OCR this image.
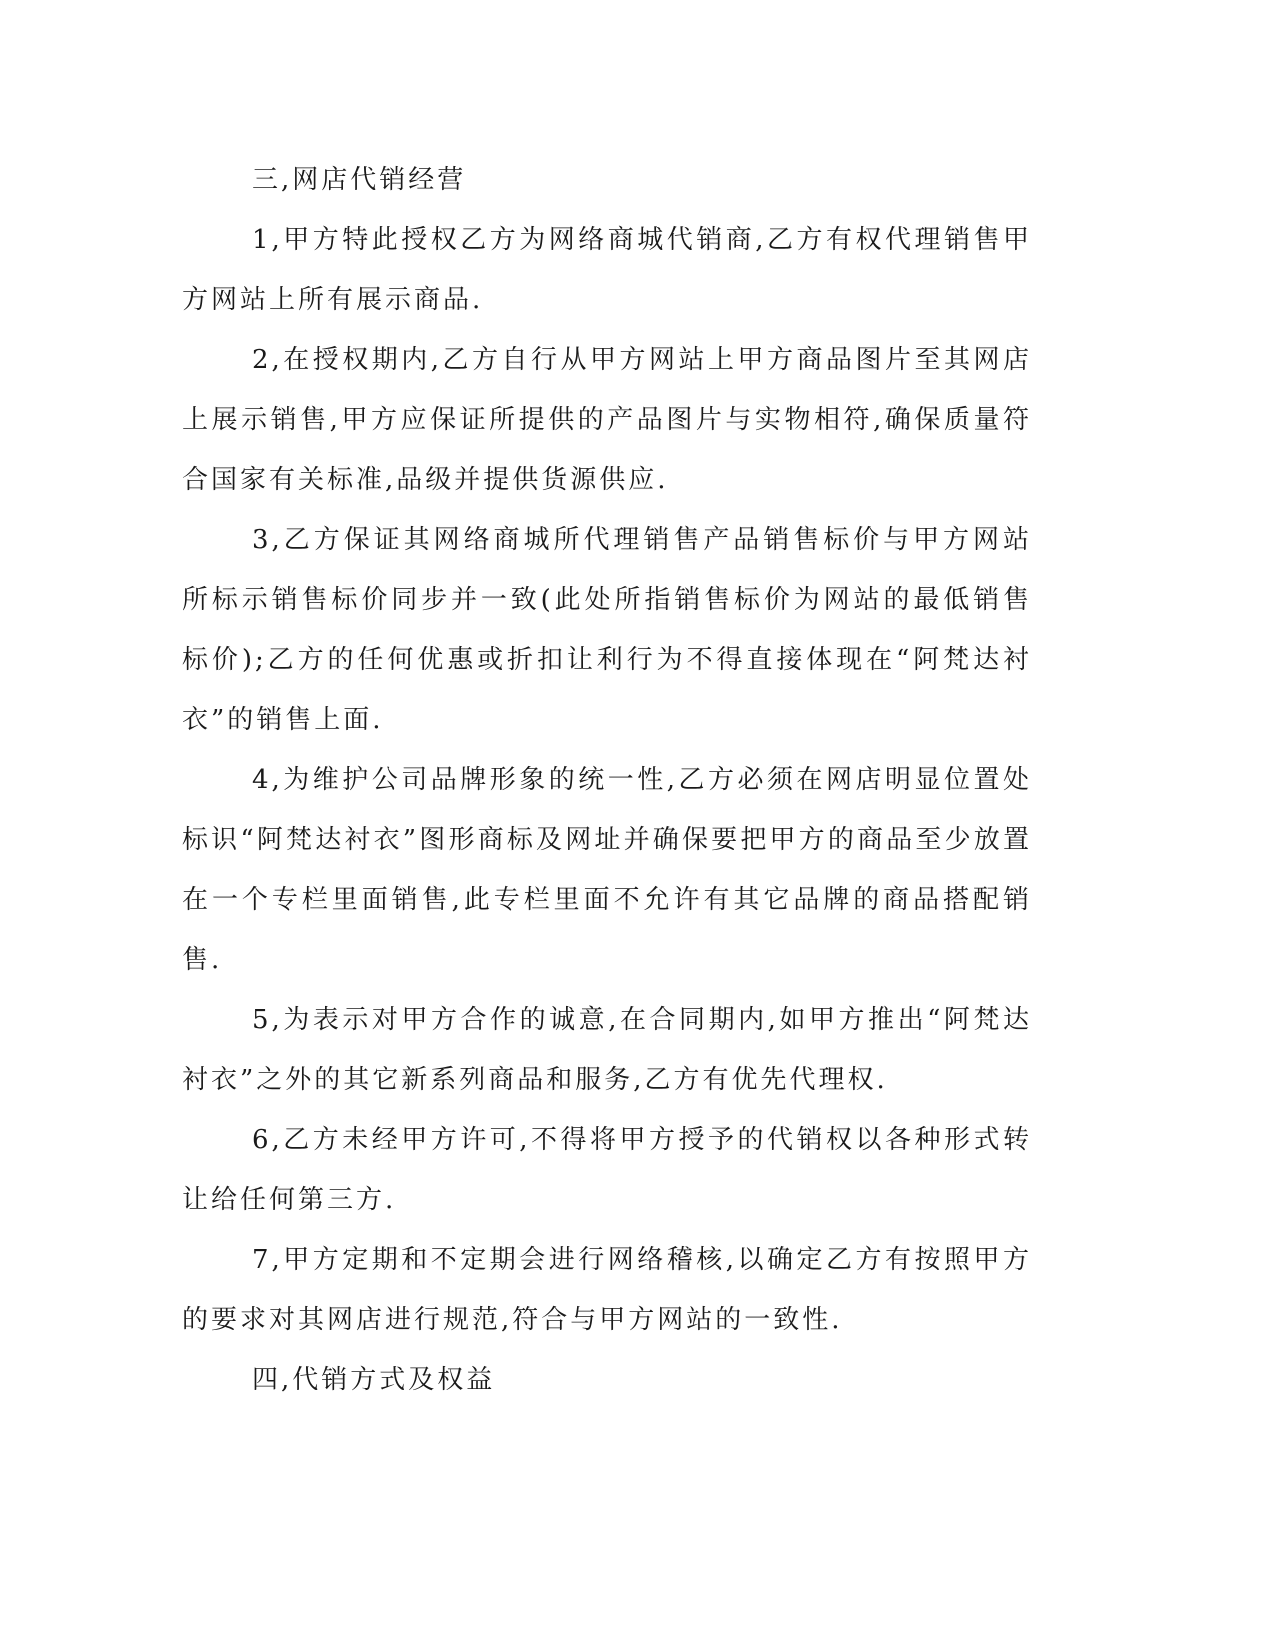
三,网店代销经营

1,甲方特此授权乙方为网络商城代销商,乙方有权代理销售甲方网站上所有展示商品.

2,在授权期内,乙方自行从甲方网站上甲方商品图片至其网店上展示销售,甲方应保证所提供的产品图片与实物相符,确保质量符合国家有关标准,品级并提供货源供应.

3,乙方保证其网络商城所代理销售产品销售标价与甲方网站所标示销售标价同步并一致(此处所指销售标价为网站的最低销售标价);乙方的任何优惠或折扣让利行为不得直接体现在“阿梵达衬衣”的销售上面.

4,为维护公司品牌形象的统一性,乙方必须在网店明显位置处标识“阿梵达衬衣”图形商标及网址并确保要把甲方的商品至少放置在一个专栏里面销售,此专栏里面不允许有其它品牌的商品搭配销售.

5,为表示对甲方合作的诚意,在合同期内,如甲方推出“阿梵达衬衣”之外的其它新系列商品和服务,乙方有优先代理权.

6,乙方未经甲方许可,不得将甲方授予的代销权以各种形式转让给任何第三方.

7,甲方定期和不定期会进行网络稽核,以确定乙方有按照甲方的要求对其网店进行规范,符合与甲方网站的一致性.

四,代销方式及权益
